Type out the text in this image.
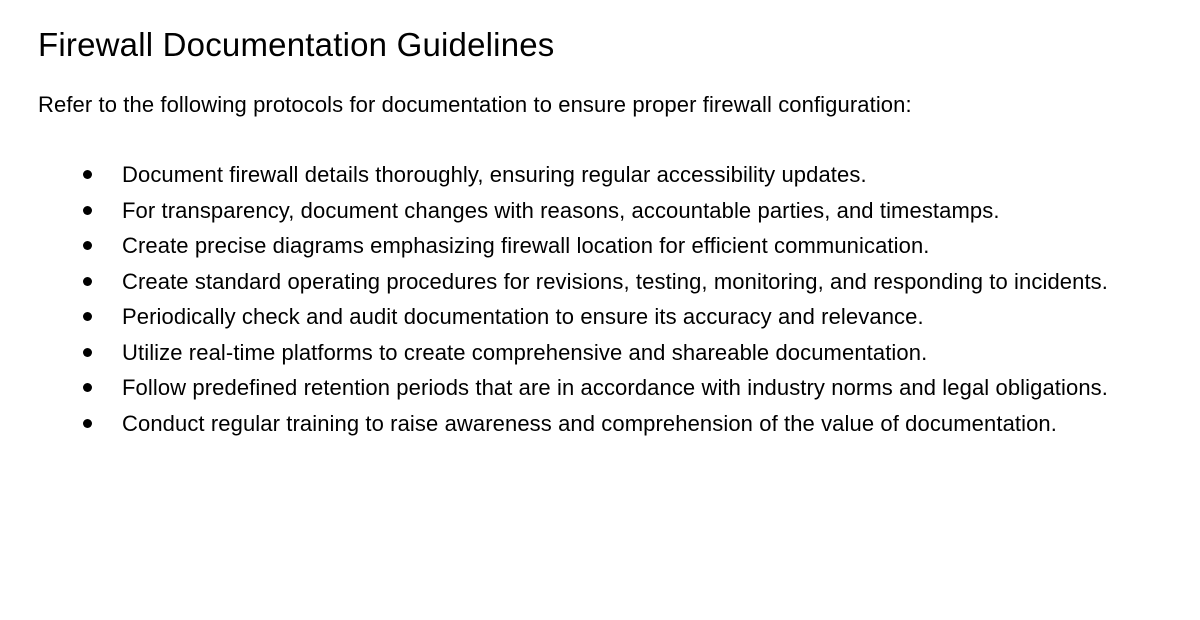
Firewall Documentation Guidelines

Refer to the following protocols for documentation to ensure proper firewall configuration:

Document firewall details thoroughly, ensuring regular accessibility updates.
For transparency, document changes with reasons, accountable parties, and timestamps.
Create precise diagrams emphasizing firewall location for efficient communication.
Create standard operating procedures for revisions, testing, monitoring, and responding to incidents.
Periodically check and audit documentation to ensure its accuracy and relevance.
Utilize real-time platforms to create comprehensive and shareable documentation.
Follow predefined retention periods that are in accordance with industry norms and legal obligations.
Conduct regular training to raise awareness and comprehension of the value of documentation.
